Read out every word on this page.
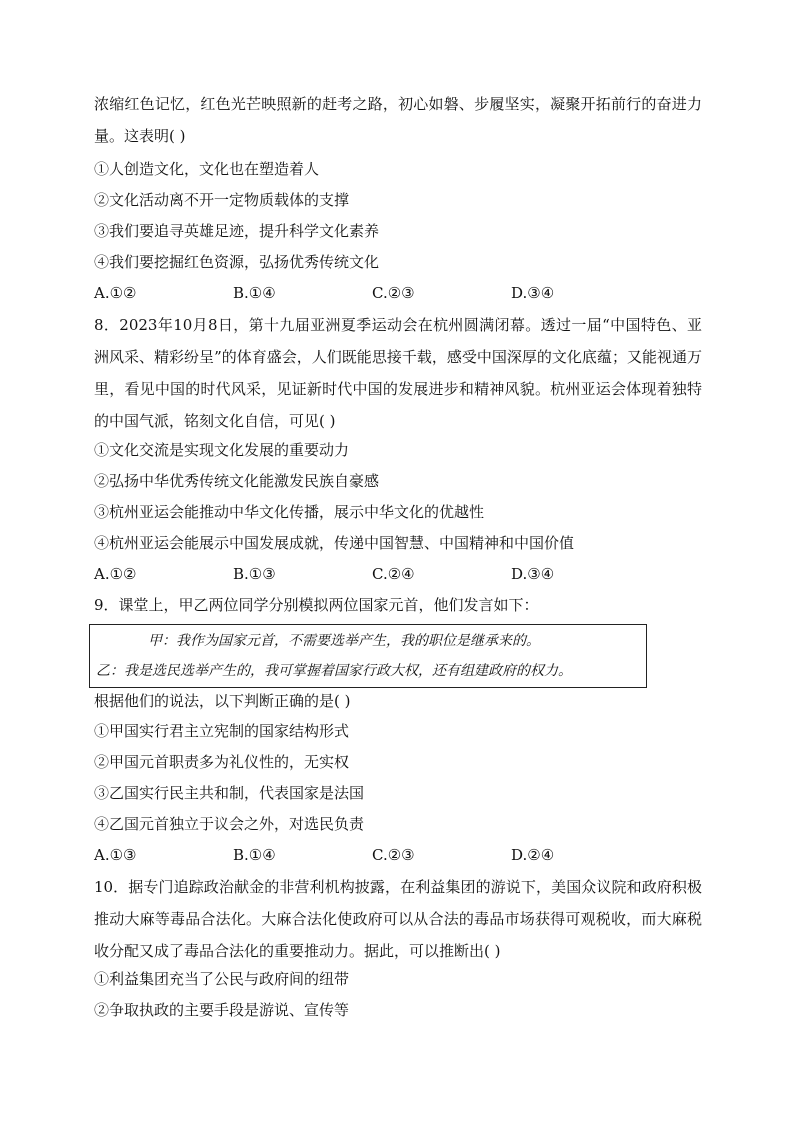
浓缩红色记忆，红色光芒映照新的赶考之路，初心如磐、步履坚实，凝聚开拓前行的奋进力量。这表明( )
①人创造文化，文化也在塑造着人
②文化活动离不开一定物质载体的支撑
③我们要追寻英雄足迹，提升科学文化素养
④我们要挖掘红色资源，弘扬优秀传统文化
A.①②	B.①④	C.②③	D.③④
8．2023年10月8日，第十九届亚洲夏季运动会在杭州圆满闭幕。透过一届“中国特色、亚洲风采、精彩纷呈”的体育盛会，人们既能思接千载，感受中国深厚的文化底蕴；又能视通万里，看见中国的时代风采，见证新时代中国的发展进步和精神风貌。杭州亚运会体现着独特的中国气派，铭刻文化自信，可见( )
①文化交流是实现文化发展的重要动力
②弘扬中华优秀传统文化能激发民族自豪感
③杭州亚运会能推动中华文化传播，展示中华文化的优越性
④杭州亚运会能展示中国发展成就，传递中国智慧、中国精神和中国价值
A.①②	B.①③	C.②④	D.③④
9．课堂上，甲乙两位同学分别模拟两位国家元首，他们发言如下：
甲：我作为国家元首，不需要选举产生，我的职位是继承来的。
乙：我是选民选举产生的，我可掌握着国家行政大权，还有组建政府的权力。
根据他们的说法，以下判断正确的是( )
①甲国实行君主立宪制的国家结构形式
②甲国元首职责多为礼仪性的，无实权
③乙国实行民主共和制，代表国家是法国
④乙国元首独立于议会之外，对选民负责
A.①③	B.①④	C.②③	D.②④
10．据专门追踪政治献金的非营利机构披露，在利益集团的游说下，美国众议院和政府积极推动大麻等毒品合法化。大麻合法化使政府可以从合法的毒品市场获得可观税收，而大麻税收分配又成了毒品合法化的重要推动力。据此，可以推断出( )
①利益集团充当了公民与政府间的纽带
②争取执政的主要手段是游说、宣传等
